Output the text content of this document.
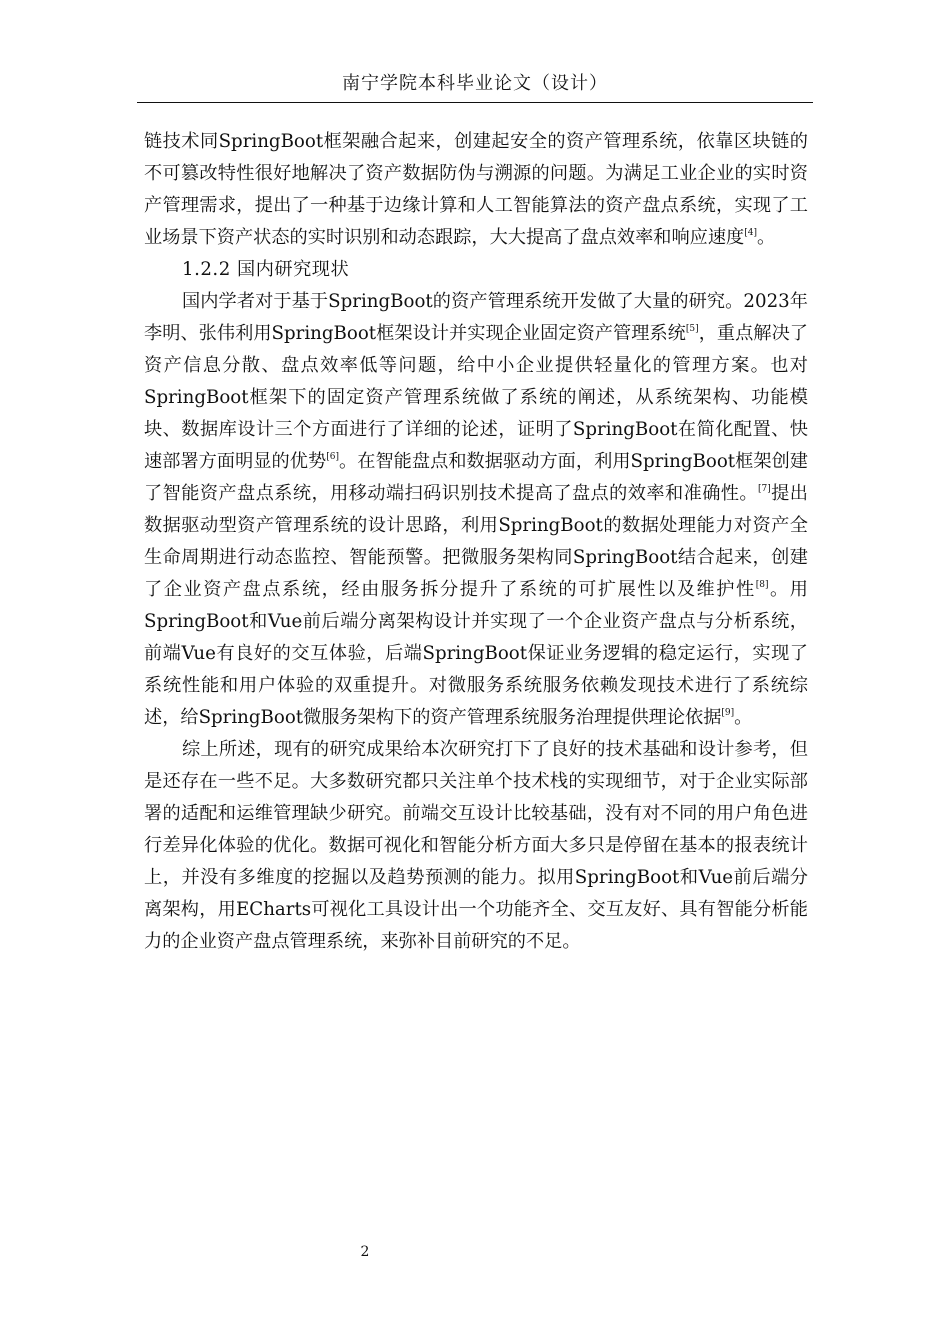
南宁学院本科毕业论文（设计）

链技术同SpringBoot框架融合起来，创建起安全的资产管理系统，依靠区块链的不可篡改特性很好地解决了资产数据防伪与溯源的问题。为满足工业企业的实时资产管理需求，提出了一种基于边缘计算和人工智能算法的资产盘点系统，实现了工业场景下资产状态的实时识别和动态跟踪，大大提高了盘点效率和响应速度[4]。

1.2.2 国内研究现状

国内学者对于基于SpringBoot的资产管理系统开发做了大量的研究。2023年李明、张伟利用SpringBoot框架设计并实现企业固定资产管理系统[5]，重点解决了资产信息分散、盘点效率低等问题，给中小企业提供轻量化的管理方案。也对SpringBoot框架下的固定资产管理系统做了系统的阐述，从系统架构、功能模块、数据库设计三个方面进行了详细的论述，证明了SpringBoot在简化配置、快速部署方面明显的优势[6]。在智能盘点和数据驱动方面，利用SpringBoot框架创建了智能资产盘点系统，用移动端扫码识别技术提高了盘点的效率和准确性。[7]提出数据驱动型资产管理系统的设计思路，利用SpringBoot的数据处理能力对资产全生命周期进行动态监控、智能预警。把微服务架构同SpringBoot结合起来，创建了企业资产盘点系统，经由服务拆分提升了系统的可扩展性以及维护性[8]。用SpringBoot和Vue前后端分离架构设计并实现了一个企业资产盘点与分析系统，前端Vue有良好的交互体验，后端SpringBoot保证业务逻辑的稳定运行，实现了系统性能和用户体验的双重提升。对微服务系统服务依赖发现技术进行了系统综述，给SpringBoot微服务架构下的资产管理系统服务治理提供理论依据[9]。

综上所述，现有的研究成果给本次研究打下了良好的技术基础和设计参考，但是还存在一些不足。大多数研究都只关注单个技术栈的实现细节，对于企业实际部署的适配和运维管理缺少研究。前端交互设计比较基础，没有对不同的用户角色进行差异化体验的优化。数据可视化和智能分析方面大多只是停留在基本的报表统计上，并没有多维度的挖掘以及趋势预测的能力。拟用SpringBoot和Vue前后端分离架构，用ECharts可视化工具设计出一个功能齐全、交互友好、具有智能分析能力的企业资产盘点管理系统，来弥补目前研究的不足。

2
